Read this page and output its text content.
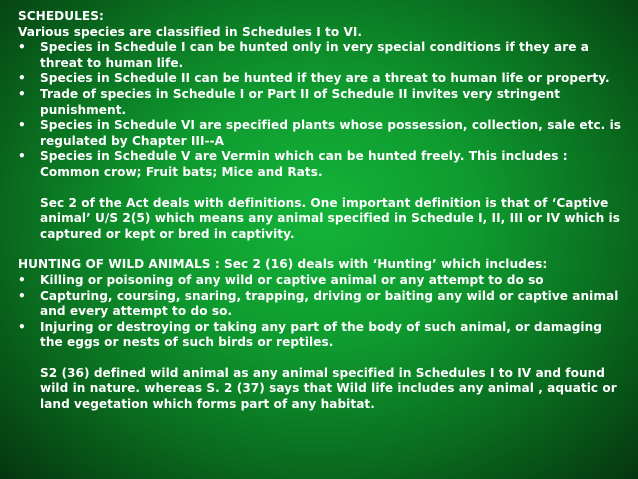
SCHEDULES:
Various species are classified in Schedules I to VI.
• Species in Schedule I can be hunted only in very special conditions if they are a threat to human life.
• Species in Schedule II can be hunted if they are a threat to human life or property.
• Trade of species in Schedule I or Part II of Schedule II invites very stringent punishment.
• Species in Schedule VI are specified plants whose possession, collection, sale etc. is regulated by Chapter III--A
• Species in Schedule V are Vermin which can be hunted freely. This includes : Common crow; Fruit bats; Mice and Rats.
Sec 2 of the Act deals with definitions. One important definition is that of ‘Captive animal’ U/S 2(5) which means any animal specified in Schedule I, II, III or IV which is captured or kept or bred in captivity.
HUNTING OF WILD ANIMALS : Sec 2 (16) deals with ‘Hunting’ which includes:
• Killing or poisoning of any wild or captive animal or any attempt to do so
• Capturing, coursing, snaring, trapping, driving or baiting any wild or captive animal and every attempt to do so.
• Injuring or destroying or taking any part of the body of such animal, or damaging the eggs or nests of such birds or reptiles.
S2 (36) defined wild animal as any animal specified in Schedules I to IV and found wild in nature. whereas S. 2 (37) says that Wild life includes any animal , aquatic or land vegetation which forms part of any habitat.
